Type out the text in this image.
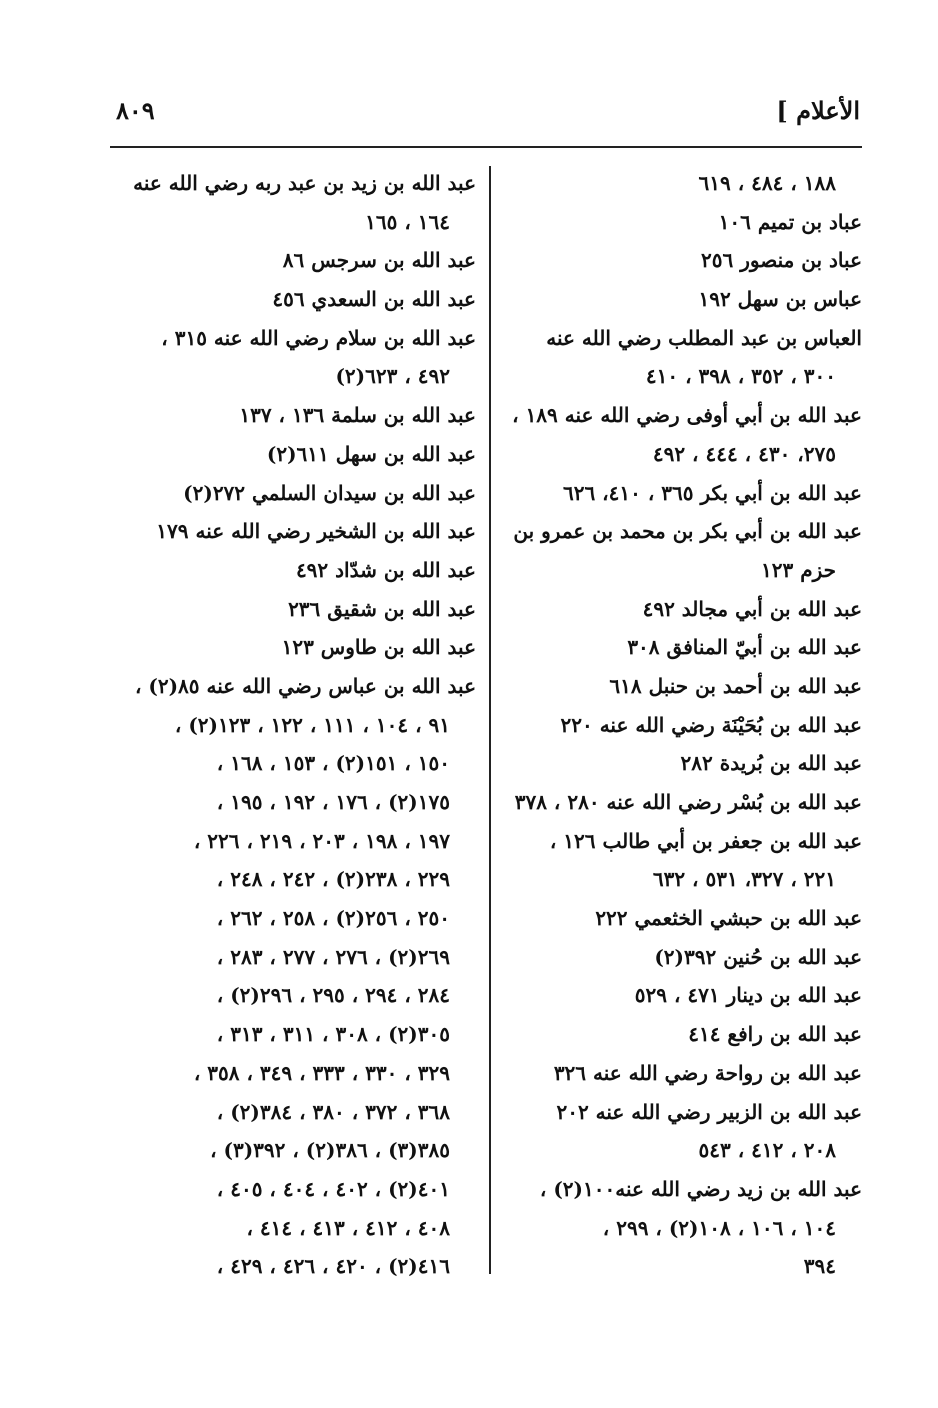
الأعلام ]
٨٠٩
١٨٨ ، ٤٨٤ ، ٦١٩
عباد بن تميم ١٠٦
عباد بن منصور ٢٥٦
عباس بن سهل ١٩٢
العباس بن عبد المطلب رضي الله عنه
٣٠٠ ، ٣٥٢ ، ٣٩٨ ، ٤١٠
عبد الله بن أبي أوفى رضي الله عنه ١٨٩ ،
٢٧٥، ٤٣٠ ، ٤٤٤ ، ٤٩٢
عبد الله بن أبي بكر ٣٦٥ ، ٤١٠، ٦٢٦
عبد الله بن أبي بكر بن محمد بن عمرو بن
حزم ١٢٣
عبد الله بن أبي مجالد ٤٩٢
عبد الله بن أبيّ المنافق ٣٠٨
عبد الله بن أحمد بن حنبل ٦١٨
عبد الله بن بُحَيْنَة رضي الله عنه ٢٢٠
عبد الله بن بُريدة ٢٨٢
عبد الله بن بُسْر رضي الله عنه ٢٨٠ ، ٣٧٨
عبد الله بن جعفر بن أبي طالب ١٢٦ ،
٢٢١ ، ٣٢٧، ٥٣١ ، ٦٣٢
عبد الله بن حبشي الخثعمي ٢٢٢
عبد الله بن حُنين ٣٩٢(٢)
عبد الله بن دينار ٤٧١ ، ٥٢٩
عبد الله بن رافع ٤١٤
عبد الله بن رواحة رضي الله عنه ٣٢٦
عبد الله بن الزبير رضي الله عنه ٢٠٢
٢٠٨ ، ٤١٢ ، ٥٤٣
عبد الله بن زيد رضي الله عنه١٠٠(٢) ،
١٠٤ ، ١٠٦ ، ١٠٨(٢) ، ٢٩٩ ،
٣٩٤
عبد الله بن زيد بن عبد ربه رضي الله عنه
١٦٤ ، ١٦٥
عبد الله بن سرجس ٨٦
عبد الله بن السعدي ٤٥٦
عبد الله بن سلام رضي الله عنه ٣١٥ ،
٤٩٢ ، ٦٢٣(٢)
عبد الله بن سلمة ١٣٦ ، ١٣٧
عبد الله بن سهل ٦١١(٢)
عبد الله بن سيدان السلمي ٢٧٢(٢)
عبد الله بن الشخير رضي الله عنه ١٧٩
عبد الله بن شدّاد ٤٩٢
عبد الله بن شقيق ٢٣٦
عبد الله بن طاوس ١٢٣
عبد الله بن عباس رضي الله عنه ٨٥(٢) ،
٩١ ، ١٠٤ ، ١١١ ، ١٢٢ ، ١٢٣(٢) ،
١٥٠ ، ١٥١(٢) ، ١٥٣ ، ١٦٨ ،
١٧٥(٢) ، ١٧٦ ، ١٩٢ ، ١٩٥ ،
١٩٧ ، ١٩٨ ، ٢٠٣ ، ٢١٩ ، ٢٢٦ ،
٢٢٩ ، ٢٣٨(٢) ، ٢٤٢ ، ٢٤٨ ،
٢٥٠ ، ٢٥٦(٢) ، ٢٥٨ ، ٢٦٢ ،
٢٦٩(٢) ، ٢٧٦ ، ٢٧٧ ، ٢٨٣ ،
٢٨٤ ، ٢٩٤ ، ٢٩٥ ، ٢٩٦(٢) ،
٣٠٥(٢) ، ٣٠٨ ، ٣١١ ، ٣١٣ ،
٣٢٩ ، ٣٣٠ ، ٣٣٣ ، ٣٤٩ ، ٣٥٨ ،
٣٦٨ ، ٣٧٢ ، ٣٨٠ ، ٣٨٤(٢) ،
٣٨٥(٣) ، ٣٨٦(٢) ، ٣٩٢(٣) ،
٤٠١(٢) ، ٤٠٢ ، ٤٠٤ ، ٤٠٥ ،
٤٠٨ ، ٤١٢ ، ٤١٣ ، ٤١٤ ،
٤١٦(٢) ، ٤٢٠ ، ٤٢٦ ، ٤٢٩ ،
